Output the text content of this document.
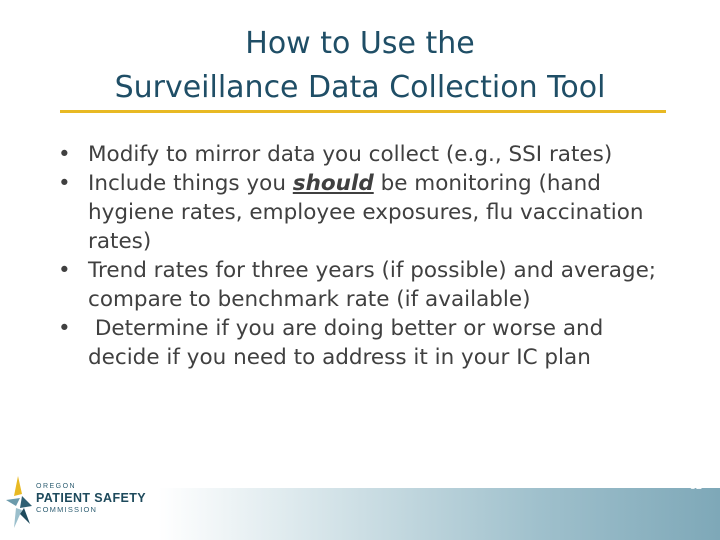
How to Use the
Surveillance Data Collection Tool
• Modify to mirror data you collect (e.g., SSI rates)
• Include things you should be monitoring (hand hygiene rates, employee exposures, flu vaccination rates)
• Trend rates for three years (if possible) and average; compare to benchmark rate (if available)
• Determine if you are doing better or worse and decide if you need to address it in your IC plan
32
OREGON
PATIENT SAFETY
COMMISSION
